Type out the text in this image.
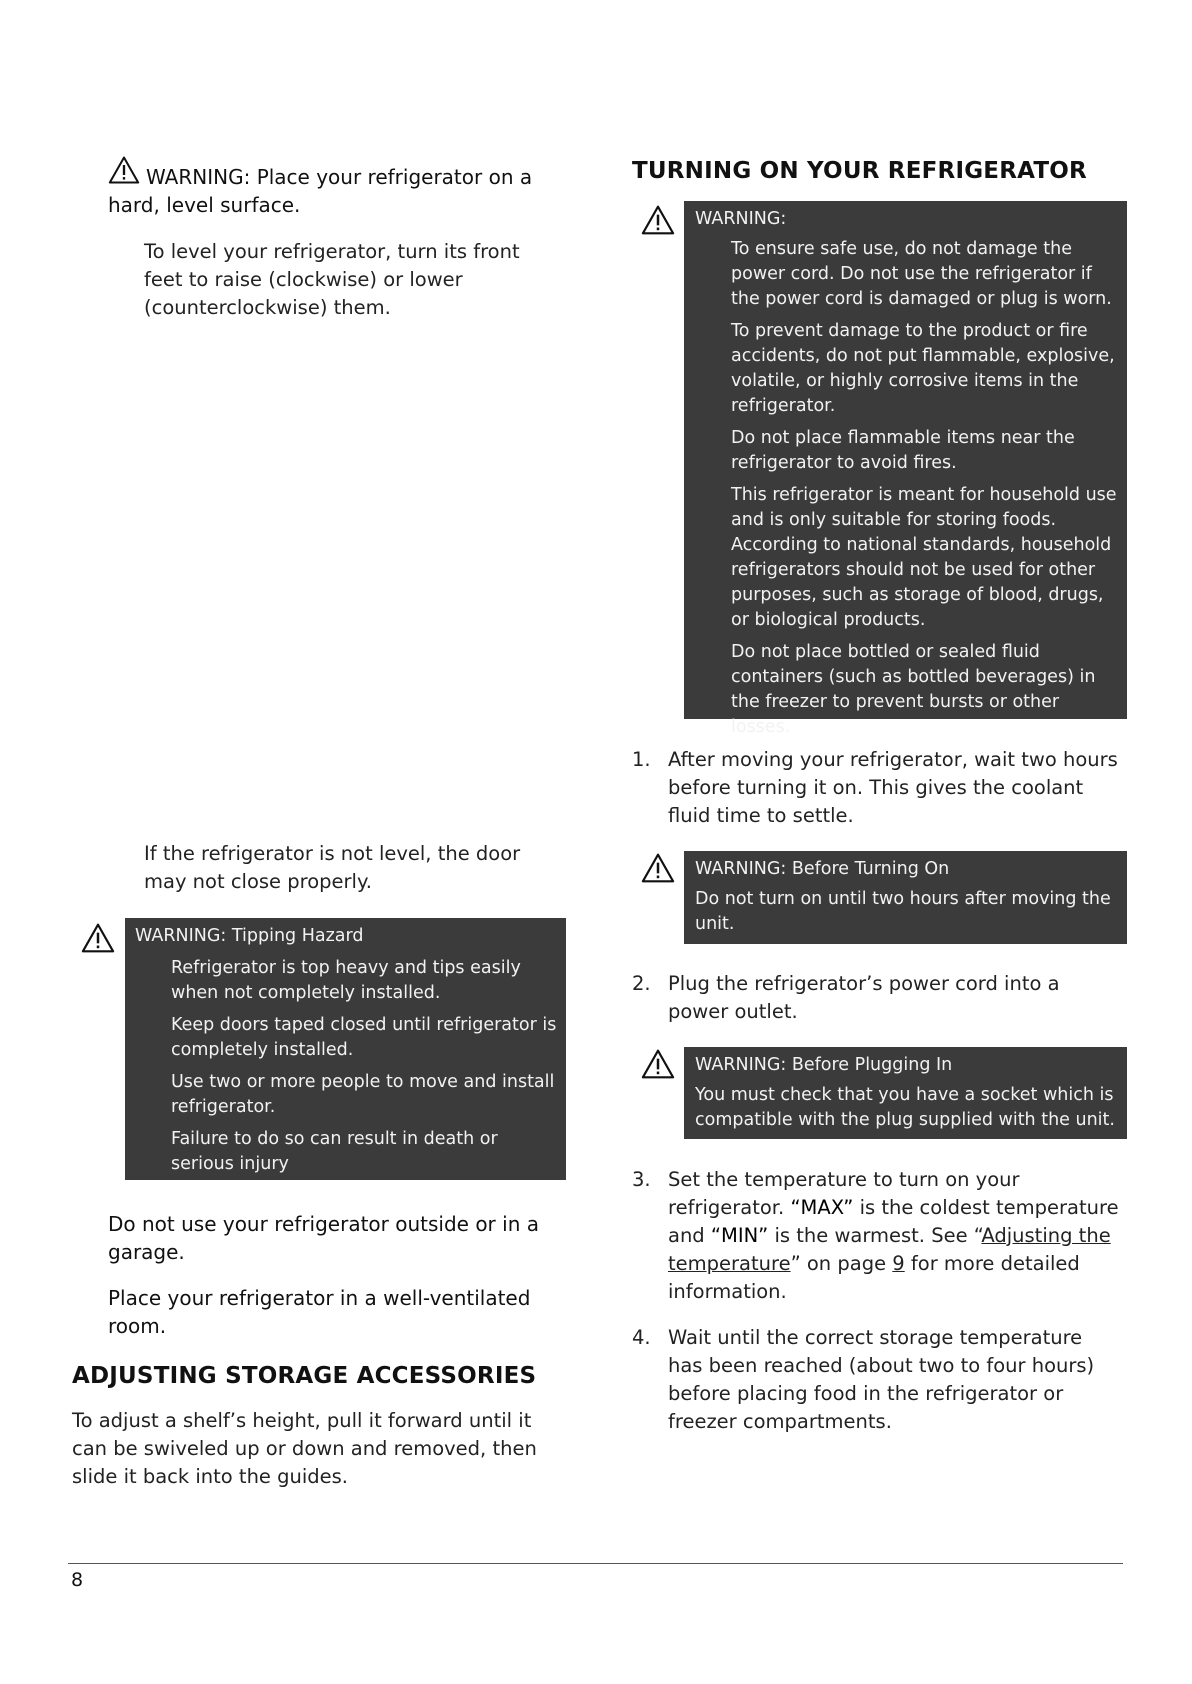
WARNING: Place your refrigerator on a hard, level surface.
To level your refrigerator, turn its front feet to raise (clockwise) or lower (counterclockwise) them.
If the refrigerator is not level, the door may not close properly.
WARNING: Tipping Hazard

Refrigerator is top heavy and tips easily when not completely installed.

Keep doors taped closed until refrigerator is completely installed.

Use two or more people to move and install refrigerator.

Failure to do so can result in death or serious injury

Do not use your refrigerator outside or in a garage.
Place your refrigerator in a well-ventilated room.
ADJUSTING STORAGE ACCESSORIES
To adjust a shelf’s height, pull it forward until it can be swiveled up or down and removed, then slide it back into the guides.
TURNING ON YOUR REFRIGERATOR
WARNING:

To ensure safe use, do not damage the power cord. Do not use the refrigerator if the power cord is damaged or plug is worn.

To prevent damage to the product or fire accidents, do not put flammable, explosive, volatile, or highly corrosive items in the refrigerator.

Do not place flammable items near the refrigerator to avoid fires.

This refrigerator is meant for household use and is only suitable for storing foods. According to national standards, household refrigerators should not be used for other purposes, such as storage of blood, drugs, or biological products.

Do not place bottled or sealed fluid containers (such as bottled beverages) in the freezer to prevent bursts or other losses.

1. After moving your refrigerator, wait two hours before turning it on. This gives the coolant fluid time to settle.
WARNING: Before Turning On

Do not turn on until two hours after moving the unit.

2. Plug the refrigerator’s power cord into a power outlet.
WARNING: Before Plugging In

You must check that you have a socket which is compatible with the plug supplied with the unit.

3. Set the temperature to turn on your refrigerator. “MAX” is the coldest temperature and “MIN” is the warmest. See “Adjusting the temperature” on page 9 for more detailed information.
4. Wait until the correct storage temperature has been reached (about two to four hours) before placing food in the refrigerator or freezer compartments.
8
